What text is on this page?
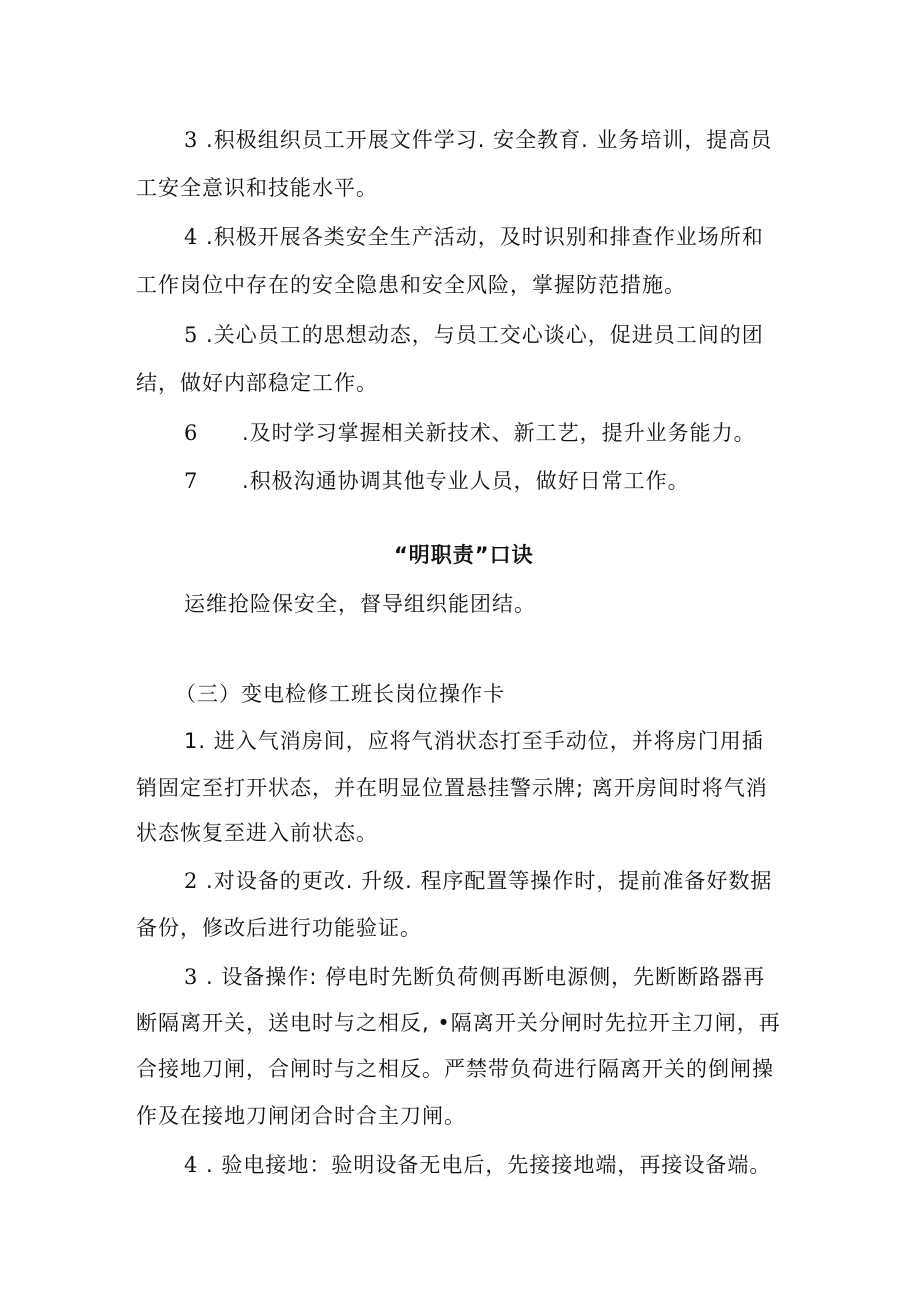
3 .积极组织员工开展文件学习. 安全教育. 业务培训，提高员
工安全意识和技能水平。
4 .积极开展各类安全生产活动，及时识别和排查作业场所和
工作岗位中存在的安全隐患和安全风险，掌握防范措施。
5 .关心员工的思想动态，与员工交心谈心，促进员工间的团
结，做好内部稳定工作。
6 .及时学习掌握相关新技术、新工艺，提升业务能力。
7 .积极沟通协调其他专业人员，做好日常工作。
“明职责”口诀
运维抢险保安全，督导组织能团结。
（三）变电检修工班长岗位操作卡
1. 进入气消房间，应将气消状态打至手动位，并将房门用插
销固定至打开状态，并在明显位置悬挂警示牌; 离开房间时将气消
状态恢复至进入前状态。
2 .对设备的更改. 升级. 程序配置等操作时，提前准备好数据
备份，修改后进行功能验证。
3 . 设备操作: 停电时先断负荷侧再断电源侧，先断断路器再
断隔离开关，送电时与之相反, •隔离开关分闸时先拉开主刀闸，再
合接地刀闸，合闸时与之相反。严禁带负荷进行隔离开关的倒闸操
作及在接地刀闸闭合时合主刀闸。
4 . 验电接地：验明设备无电后，先接接地端，再接设备端。
